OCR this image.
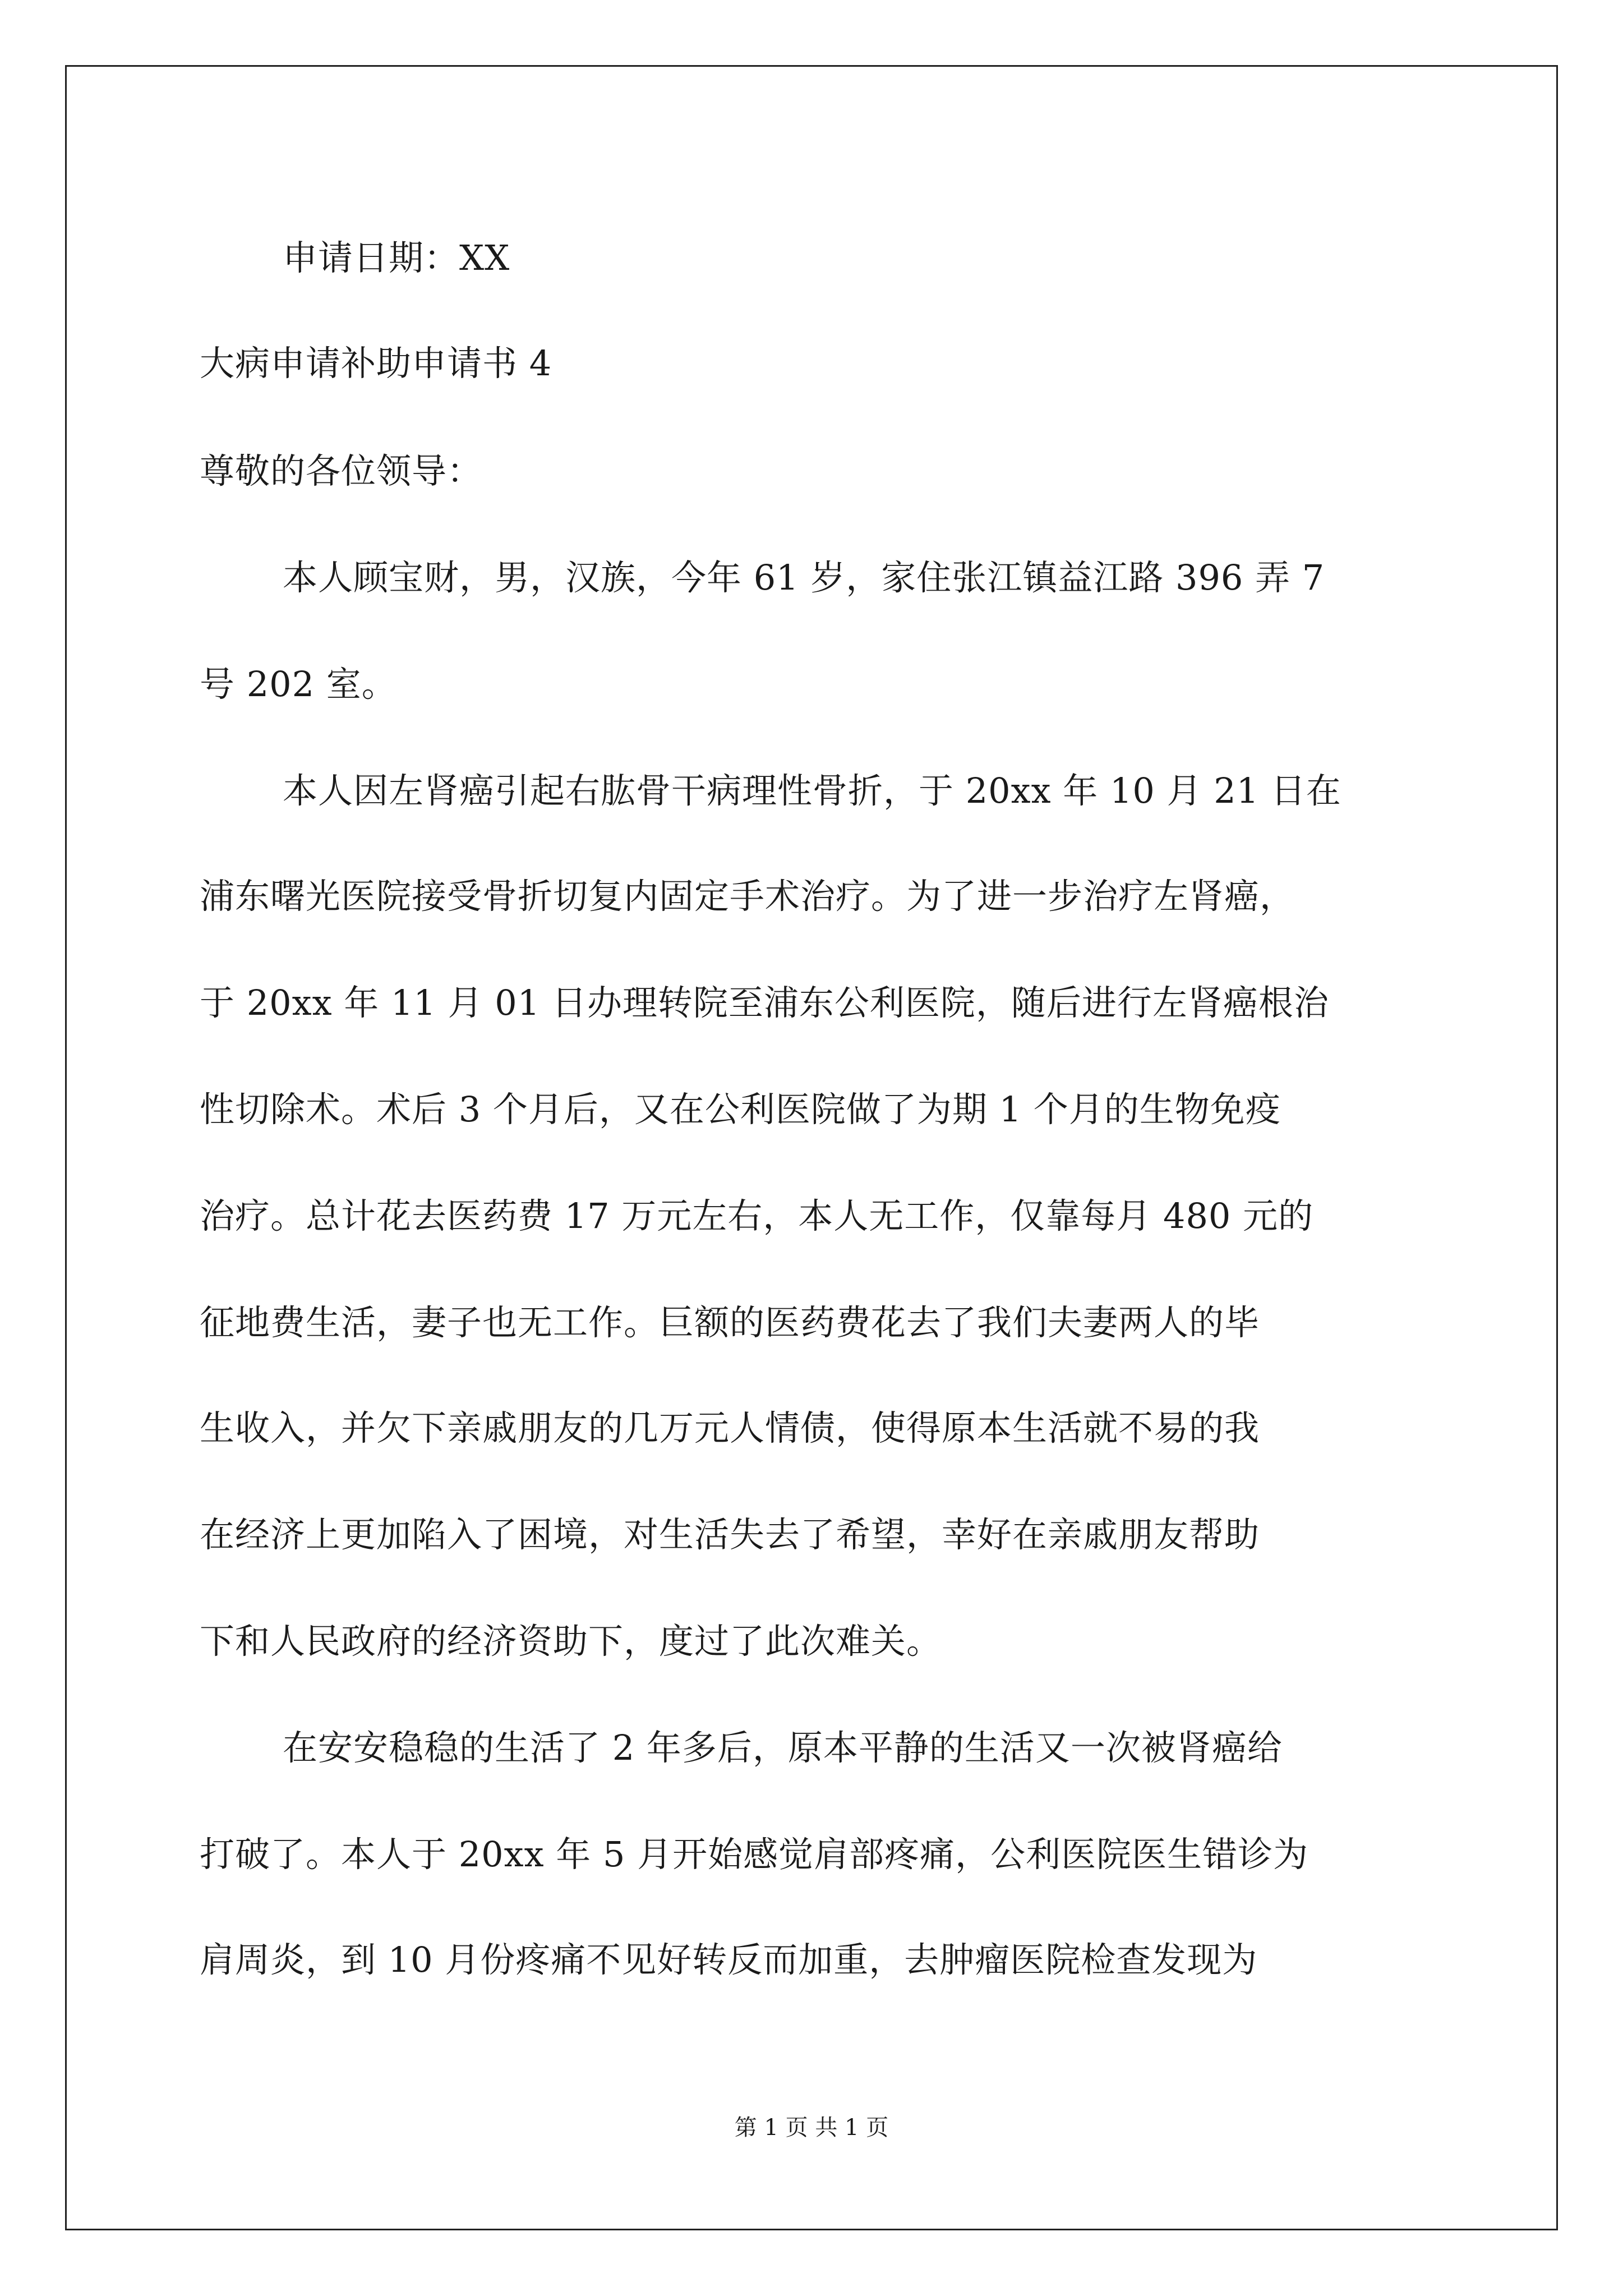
申请日期：XX
大病申请补助申请书 4
尊敬的各位领导：
本人顾宝财，男，汉族，今年 61 岁，家住张江镇益江路 396 弄 7
号 202 室。
本人因左肾癌引起右肱骨干病理性骨折，于 20xx 年 10 月 21 日在
浦东曙光医院接受骨折切复内固定手术治疗。为了进一步治疗左肾癌，
于 20xx 年 11 月 01 日办理转院至浦东公利医院，随后进行左肾癌根治
性切除术。术后 3 个月后，又在公利医院做了为期 1 个月的生物免疫
治疗。总计花去医药费 17 万元左右，本人无工作，仅靠每月 480 元的
征地费生活，妻子也无工作。巨额的医药费花去了我们夫妻两人的毕
生收入，并欠下亲戚朋友的几万元人情债，使得原本生活就不易的我
在经济上更加陷入了困境，对生活失去了希望，幸好在亲戚朋友帮助
下和人民政府的经济资助下，度过了此次难关。
在安安稳稳的生活了 2 年多后，原本平静的生活又一次被肾癌给
打破了。本人于 20xx 年 5 月开始感觉肩部疼痛，公利医院医生错诊为
肩周炎，到 10 月份疼痛不见好转反而加重，去肿瘤医院检查发现为
第 1 页 共 1 页
